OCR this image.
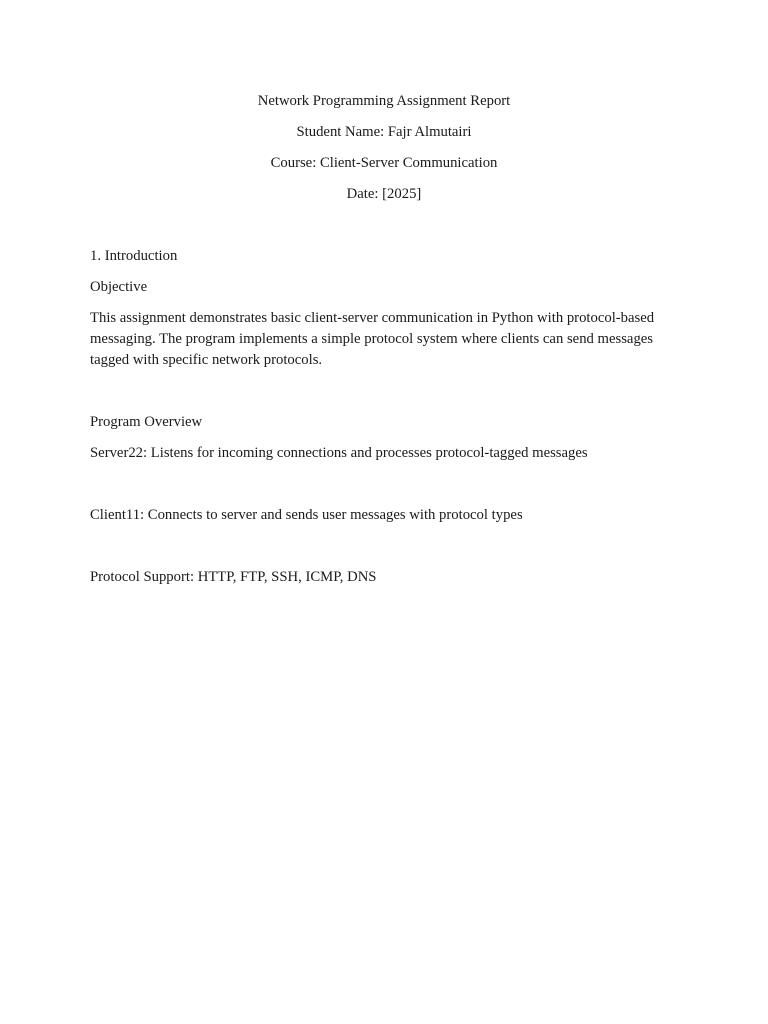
Network Programming Assignment Report

Student Name: Fajr Almutairi

Course: Client-Server Communication

Date: [2025]

1. Introduction

Objective

This assignment demonstrates basic client-server communication in Python with protocol-based messaging. The program implements a simple protocol system where clients can send messages tagged with specific network protocols.

Program Overview

Server22: Listens for incoming connections and processes protocol-tagged messages

Client11: Connects to server and sends user messages with protocol types

Protocol Support: HTTP, FTP, SSH, ICMP, DNS
